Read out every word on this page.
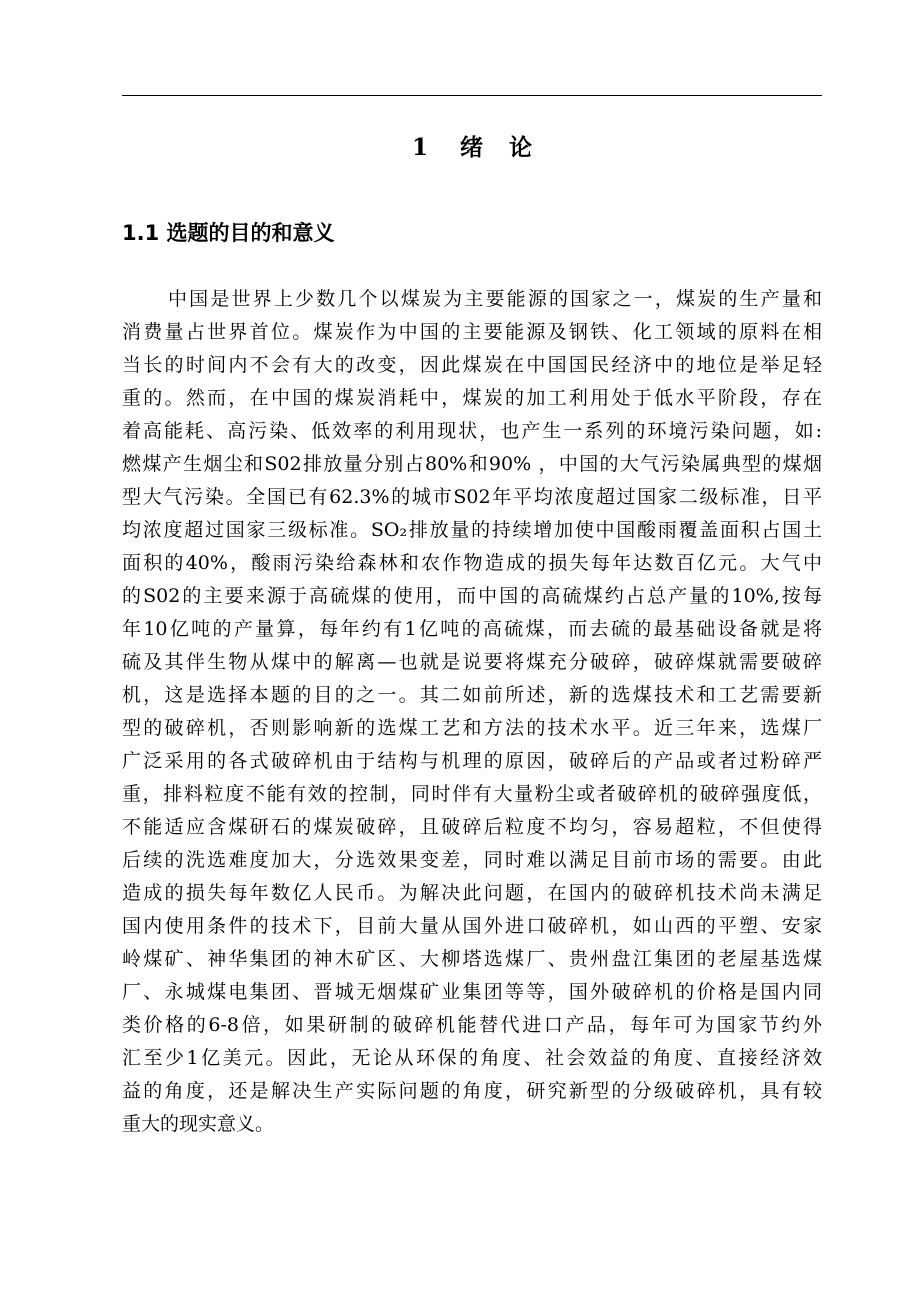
1 绪 论
1.1 选题的目的和意义
中国是世界上少数几个以煤炭为主要能源的国家之一，煤炭的生产量和
消费量占世界首位。煤炭作为中国的主要能源及钢铁、化工领域的原料在相
当长的时间内不会有大的改变，因此煤炭在中国国民经济中的地位是举足轻
重的。然而，在中国的煤炭消耗中，煤炭的加工利用处于低水平阶段，存在
着高能耗、高污染、低效率的利用现状，也产生一系列的环境污染问题，如:
燃煤产生烟尘和S02排放量分别占80%和90% ，中国的大气污染属典型的煤烟
型大气污染。全国已有62.3%的城市S02年平均浓度超过国家二级标准，日平
均浓度超过国家三级标准。SO₂排放量的持续增加使中国酸雨覆盖面积占国土
面积的40%，酸雨污染给森林和农作物造成的损失每年达数百亿元。大气中
的S02的主要来源于高硫煤的使用，而中国的高硫煤约占总产量的10%,按每
年10亿吨的产量算，每年约有1亿吨的高硫煤，而去硫的最基础设备就是将
硫及其伴生物从煤中的解离—也就是说要将煤充分破碎，破碎煤就需要破碎
机，这是选择本题的目的之一。其二如前所述，新的选煤技术和工艺需要新
型的破碎机，否则影响新的选煤工艺和方法的技术水平。近三年来，选煤厂
广泛采用的各式破碎机由于结构与机理的原因，破碎后的产品或者过粉碎严
重，排料粒度不能有效的控制，同时伴有大量粉尘或者破碎机的破碎强度低，
不能适应含煤研石的煤炭破碎，且破碎后粒度不均匀，容易超粒，不但使得
后续的洗选难度加大，分选效果变差，同时难以满足目前市场的需要。由此
造成的损失每年数亿人民币。为解决此问题，在国内的破碎机技术尚未满足
国内使用条件的技术下，目前大量从国外进口破碎机，如山西的平塑、安家
岭煤矿、神华集团的神木矿区、大柳塔选煤厂、贵州盘江集团的老屋基选煤
厂、永城煤电集团、晋城无烟煤矿业集团等等，国外破碎机的价格是国内同
类价格的6-8倍，如果研制的破碎机能替代进口产品，每年可为国家节约外
汇至少1亿美元。因此，无论从环保的角度、社会效益的角度、直接经济效
益的角度，还是解决生产实际问题的角度，研究新型的分级破碎机，具有较
重大的现实意义。
